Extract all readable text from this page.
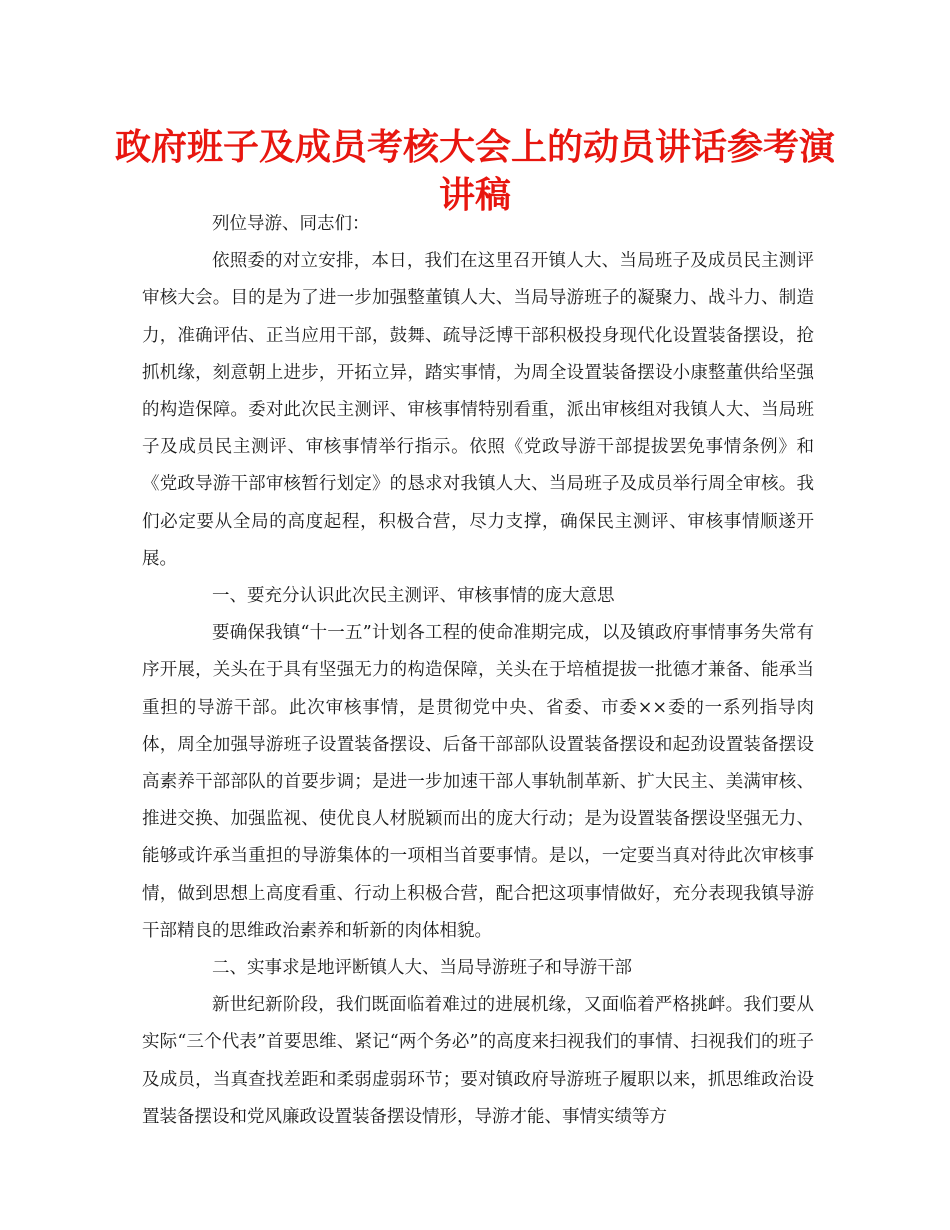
政府班子及成员考核大会上的动员讲话参考演讲稿

列位导游、同志们：

依照委的对立安排，本日，我们在这里召开镇人大、当局班子及成员民主测评审核大会。目的是为了进一步加强整董镇人大、当局导游班子的凝聚力、战斗力、制造力，准确评估、正当应用干部，鼓舞、疏导泛博干部积极投身现代化设置装备摆设，抢抓机缘，刻意朝上进步，开拓立异，踏实事情，为周全设置装备摆设小康整董供给坚强的构造保障。委对此次民主测评、审核事情特别看重，派出审核组对我镇人大、当局班子及成员民主测评、审核事情举行指示。依照《党政导游干部提拔罢免事情条例》和《党政导游干部审核暂行划定》的恳求对我镇人大、当局班子及成员举行周全审核。我们必定要从全局的高度起程，积极合营，尽力支撑，确保民主测评、审核事情顺遂开展。

一、要充分认识此次民主测评、审核事情的庞大意思

要确保我镇“十一五”计划各工程的使命准期完成，以及镇政府事情事务失常有序开展，关头在于具有坚强无力的构造保障，关头在于培植提拔一批德才兼备、能承当重担的导游干部。此次审核事情，是贯彻党中央、省委、市委××委的一系列指导肉体，周全加强导游班子设置装备摆设、后备干部部队设置装备摆设和起劲设置装备摆设高素养干部部队的首要步调；是进一步加速干部人事轨制革新、扩大民主、美满审核、推进交换、加强监视、使优良人材脱颖而出的庞大行动；是为设置装备摆设坚强无力、能够或许承当重担的导游集体的一项相当首要事情。是以，一定要当真对待此次审核事情，做到思想上高度看重、行动上积极合营，配合把这项事情做好，充分表现我镇导游干部精良的思维政治素养和斩新的肉体相貌。

二、实事求是地评断镇人大、当局导游班子和导游干部

新世纪新阶段，我们既面临着难过的进展机缘，又面临着严格挑衅。我们要从实际“三个代表”首要思维、紧记“两个务必”的高度来扫视我们的事情、扫视我们的班子及成员，当真查找差距和柔弱虚弱环节；要对镇政府导游班子履职以来，抓思维政治设置装备摆设和党风廉政设置装备摆设情形，导游才能、事情实绩等方
